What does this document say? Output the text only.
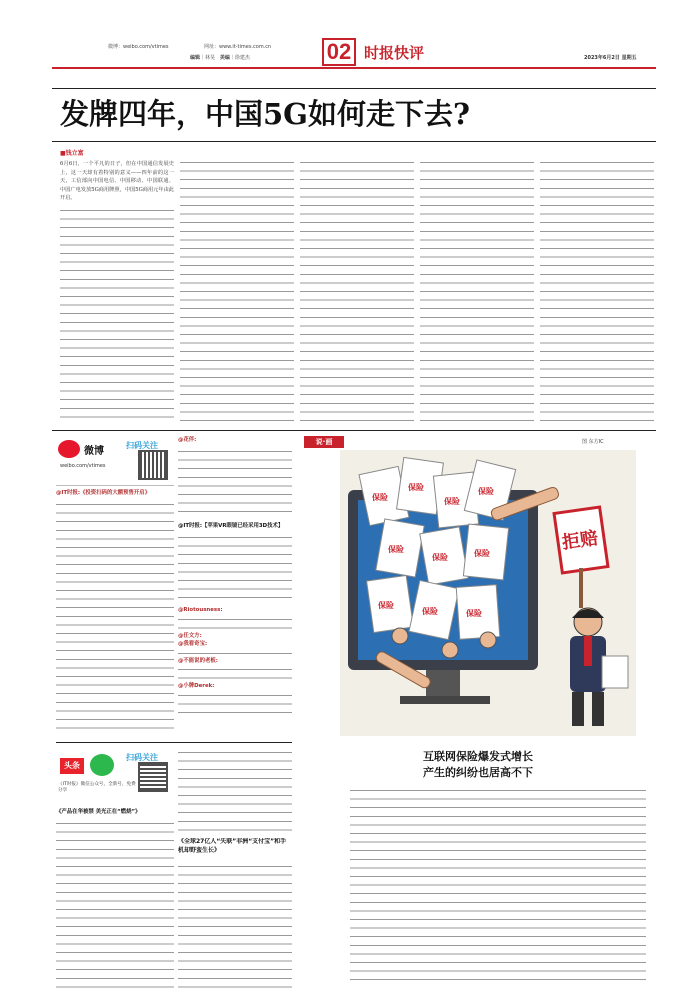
微博：weibo.com/vtimes	网址：www.it-times.com.cn
编辑｜林昊 美编｜徐建杰	02 时报快评	2023年6月2日 星期五
发牌四年，中国5G如何走下去?
■钱立富
6月6日，一个平凡的日子，但在中国通信发展史上，这一天却有着特别的意义——四年前的这一天，工信部向中国电信、中国移动、中国联通、中国广电发放5G商用牌照，中国5G商用元年由此开启。
微博
weibo.com/vtimes
扫码关注
@IT时报:《投资扫码的大额预售开启》
头条
扫码关注
《IT时报》微信公众号，全新号，免费分享
《产品在华被禁 美光正在“燃烧”》
@花伴:
@IT时报:【苹果VR眼镜已经采用3D技术】
@Riotousness:
@任文方:
@我看奇宝:
@不能说的老板:
@小牌Derek:
《全球27亿人“失联”非洲“支付宝”和手机却野蛮生长》
说·画	图 东方IC
保险
保险
保险
保险
保险
保险	保险
保险
保险	保险
拒赔
互联网保险爆发式增长
产生的纠纷也居高不下
